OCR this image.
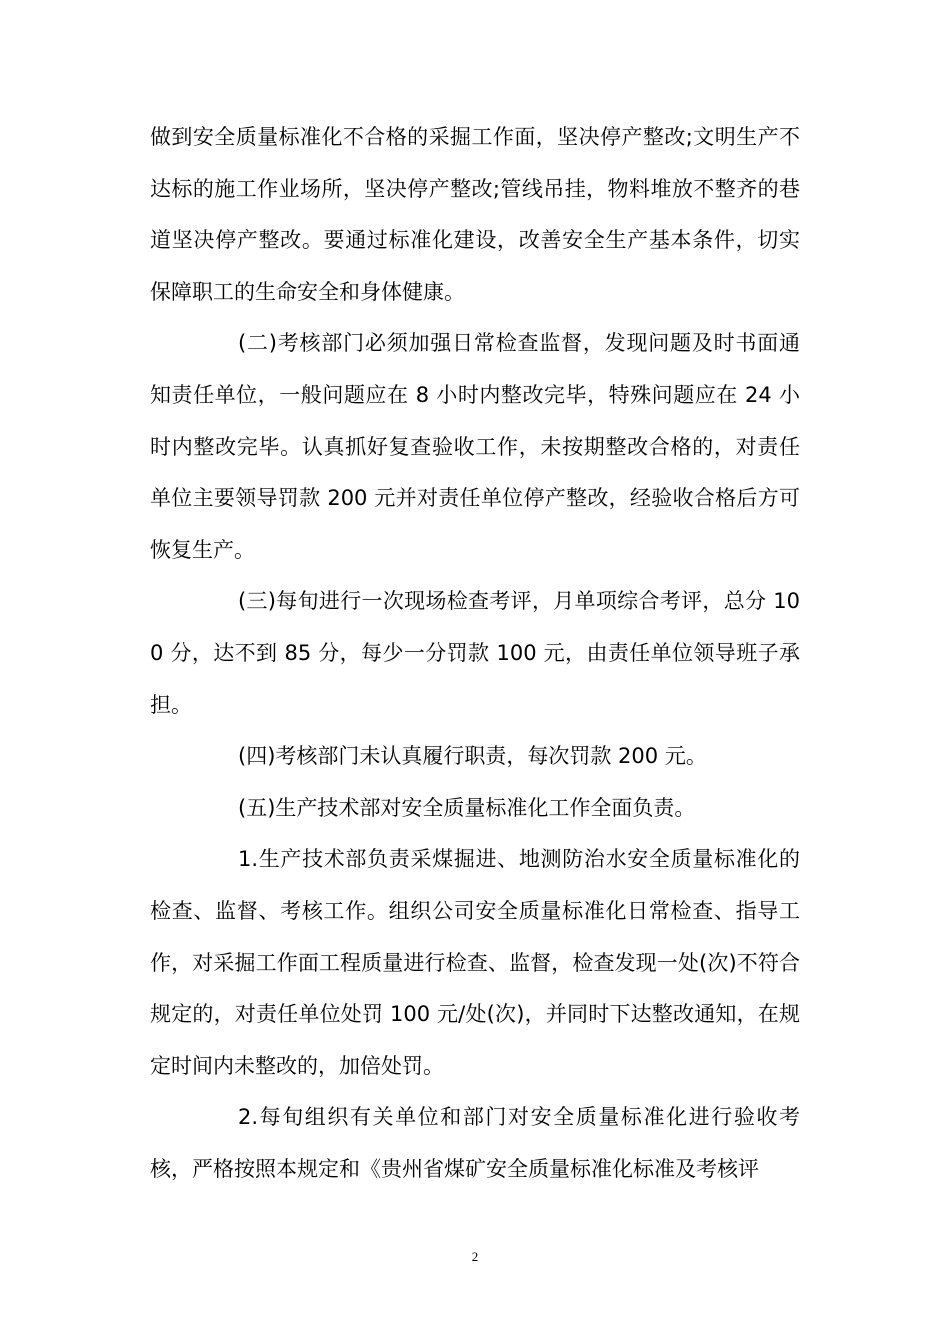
做到安全质量标准化不合格的采掘工作面，坚决停产整改;文明生产不达标的施工作业场所，坚决停产整改;管线吊挂，物料堆放不整齐的巷道坚决停产整改。要通过标准化建设，改善安全生产基本条件，切实保障职工的生命安全和身体健康。

(二)考核部门必须加强日常检查监督，发现问题及时书面通知责任单位，一般问题应在 8 小时内整改完毕，特殊问题应在 24 小时内整改完毕。认真抓好复查验收工作，未按期整改合格的，对责任单位主要领导罚款 200 元并对责任单位停产整改，经验收合格后方可恢复生产。

(三)每旬进行一次现场检查考评，月单项综合考评，总分 100 分，达不到 85 分，每少一分罚款 100 元，由责任单位领导班子承担。

(四)考核部门未认真履行职责，每次罚款 200 元。

(五)生产技术部对安全质量标准化工作全面负责。

1.生产技术部负责采煤掘进、地测防治水安全质量标准化的检查、监督、考核工作。组织公司安全质量标准化日常检查、指导工作，对采掘工作面工程质量进行检查、监督，检查发现一处(次)不符合规定的，对责任单位处罚 100 元/处(次)，并同时下达整改通知，在规定时间内未整改的，加倍处罚。

2.每旬组织有关单位和部门对安全质量标准化进行验收考核，严格按照本规定和《贵州省煤矿安全质量标准化标准及考核评

2
